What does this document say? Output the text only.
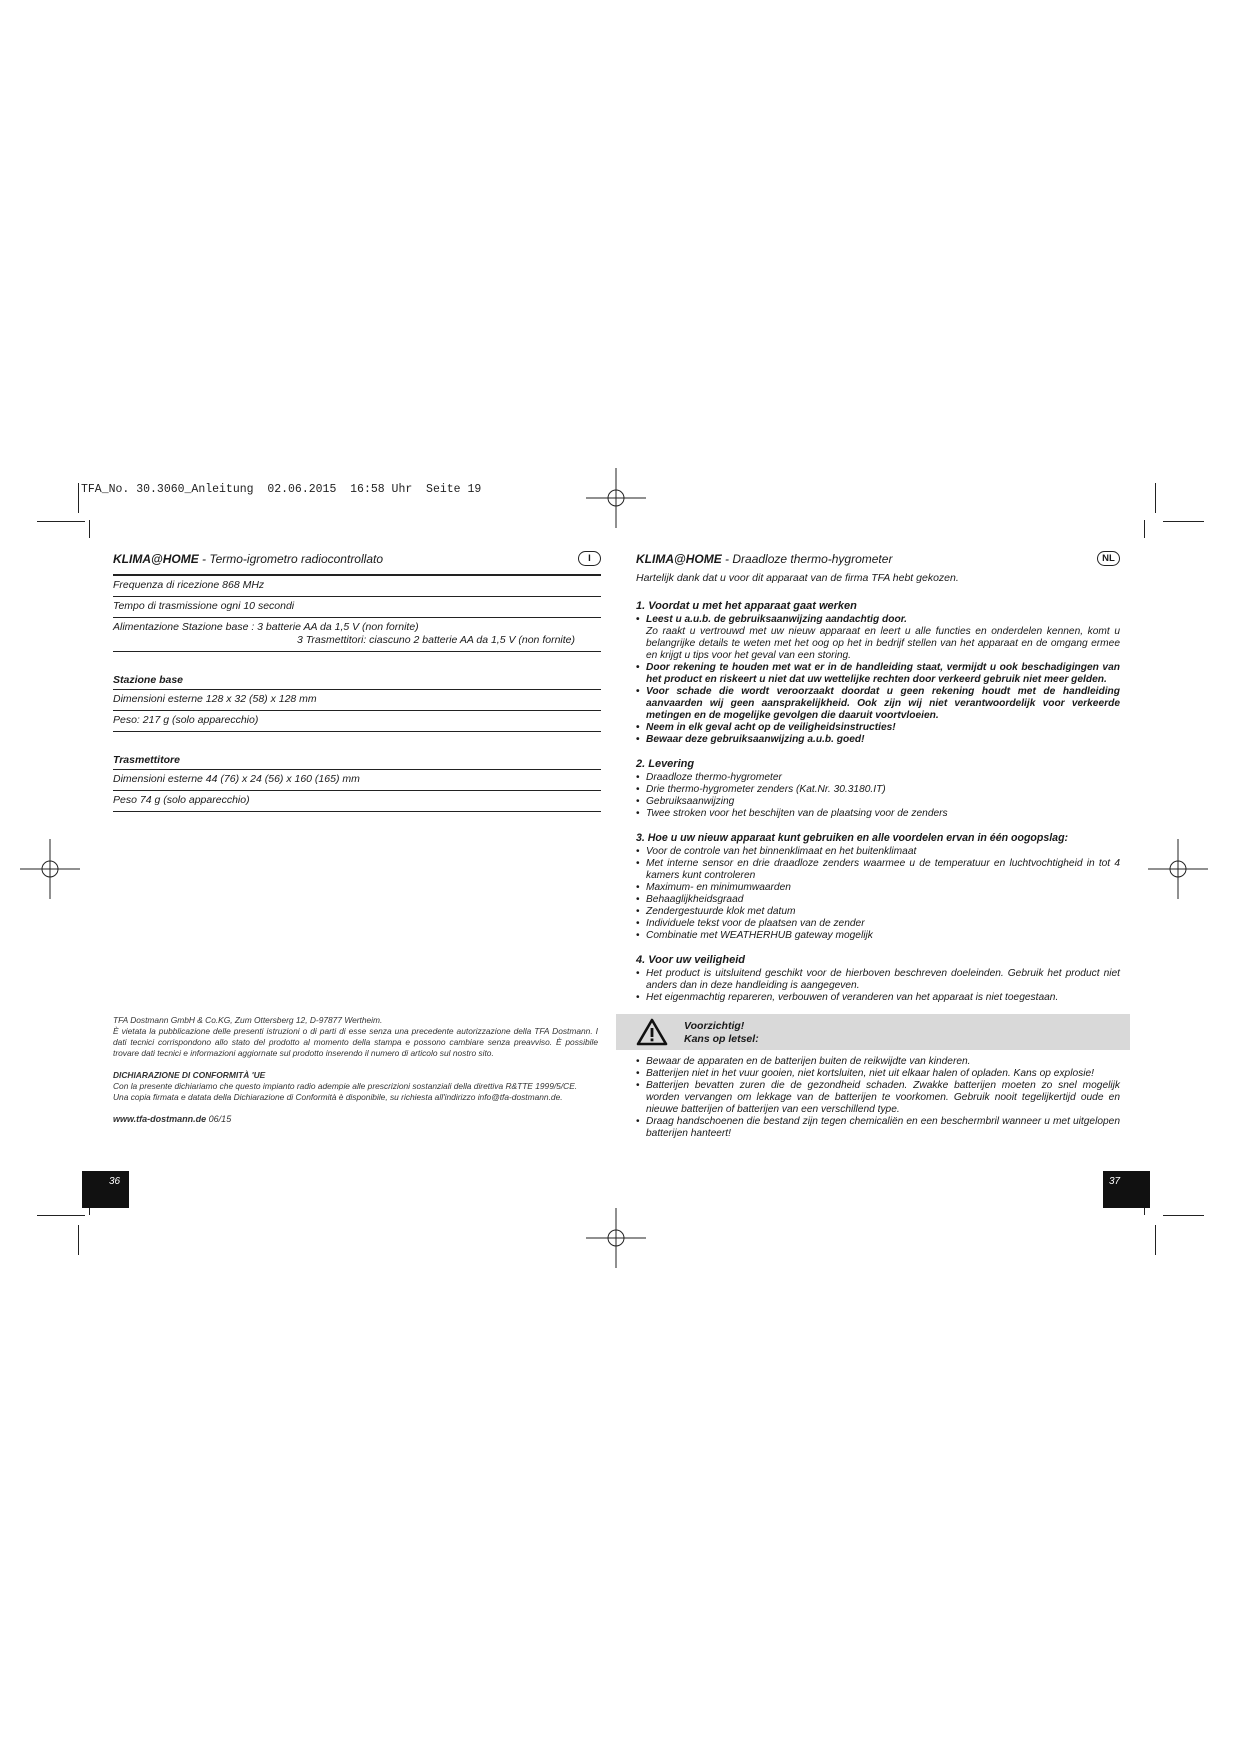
TFA_No. 30.3060_Anleitung  02.06.2015  16:58 Uhr  Seite 19
KLIMA@HOME - Termo-igrometro radiocontrollato	I
Frequenza di ricezione 868 MHz
Tempo di trasmissione ogni 10 secondi
Alimentazione Stazione base : 3 batterie AA da 1,5 V (non fornite)
3 Trasmettitori: ciascuno 2 batterie AA da 1,5 V (non fornite)
Stazione base
Dimensioni esterne 128 x 32 (58) x 128 mm
Peso: 217 g (solo apparecchio)
Trasmettitore
Dimensioni esterne 44 (76) x 24 (56) x 160 (165) mm
Peso 74 g (solo apparecchio)

TFA Dostmann GmbH & Co.KG, Zum Ottersberg 12, D-97877 Wertheim.

È vietata la pubblicazione delle presenti istruzioni o di parti di esse senza una precedente autorizzazione della TFA Dostmann. I dati tecnici corrispondono allo stato del prodotto al momento della stampa e possono cambiare senza preavviso. È possibile trovare dati tecnici e informazioni aggiornate sul prodotto inserendo il numero di articolo sul nostro sito.

DICHIARAZIONE DI CONFORMITÀ 'UE

Con la presente dichiariamo che questo impianto radio adempie alle prescrizioni sostanziali della direttiva R&TTE 1999/5/CE.

Una copia firmata e datata della Dichiarazione di Conformità è disponibile, su richiesta all'indirizzo info@tfa-dostmann.de.

www.tfa-dostmann.de 06/15

36
KLIMA@HOME - Draadloze thermo-hygrometer	NL
Hartelijk dank dat u voor dit apparaat van de firma TFA hebt gekozen.
1. Voordat u met het apparaat gaat werken
• Leest u a.u.b. de gebruiksaanwijzing aandachtig door.
Zo raakt u vertrouwd met uw nieuw apparaat en leert u alle functies en onderdelen kennen, komt u belangrijke details te weten met het oog op het in bedrijf stellen van het apparaat en de omgang ermee en krijgt u tips voor het geval van een storing.
• Door rekening te houden met wat er in de handleiding staat, vermijdt u ook beschadigingen van het product en riskeert u niet dat uw wettelijke rechten door verkeerd gebruik niet meer gelden.
• Voor schade die wordt veroorzaakt doordat u geen rekening houdt met de handleiding aanvaarden wij geen aansprakelijkheid. Ook zijn wij niet verantwoordelijk voor verkeerde metingen en de mogelijke gevolgen die daaruit voortvloeien.
• Neem in elk geval acht op de veiligheidsinstructies!
• Bewaar deze gebruiksaanwijzing a.u.b. goed!
2. Levering
• Draadloze thermo-hygrometer
• Drie thermo-hygrometer zenders (Kat.Nr. 30.3180.IT)
• Gebruiksaanwijzing
• Twee stroken voor het beschijten van de plaatsing voor de zenders
3. Hoe u uw nieuw apparaat kunt gebruiken en alle voordelen ervan in één oogopslag:
• Voor de controle van het binnenklimaat en het buitenklimaat
• Met interne sensor en drie draadloze zenders waarmee u de temperatuur en luchtvochtigheid in tot 4 kamers kunt controleren
• Maximum- en minimumwaarden
• Behaaglijkheidsgraad
• Zendergestuurde klok met datum
• Individuele tekst voor de plaatsen van de zender
• Combinatie met WEATHERHUB gateway mogelijk
4. Voor uw veiligheid
• Het product is uitsluitend geschikt voor de hierboven beschreven doeleinden. Gebruik het product niet anders dan in deze handleiding is aangegeven.
• Het eigenmachtig repareren, verbouwen of veranderen van het apparaat is niet toegestaan.
Voorzichtig!
Kans op letsel:
• Bewaar de apparaten en de batterijen buiten de reikwijdte van kinderen.
• Batterijen niet in het vuur gooien, niet kortsluiten, niet uit elkaar halen of opladen. Kans op explosie!
• Batterijen bevatten zuren die de gezondheid schaden. Zwakke batterijen moeten zo snel mogelijk worden vervangen om lekkage van de batterijen te voorkomen. Gebruik nooit tegelijkertijd oude en nieuwe batterijen of batterijen van een verschillend type.
• Draag handschoenen die bestand zijn tegen chemicaliën en een beschermbril wanneer u met uitgelopen batterijen hanteert!
37
